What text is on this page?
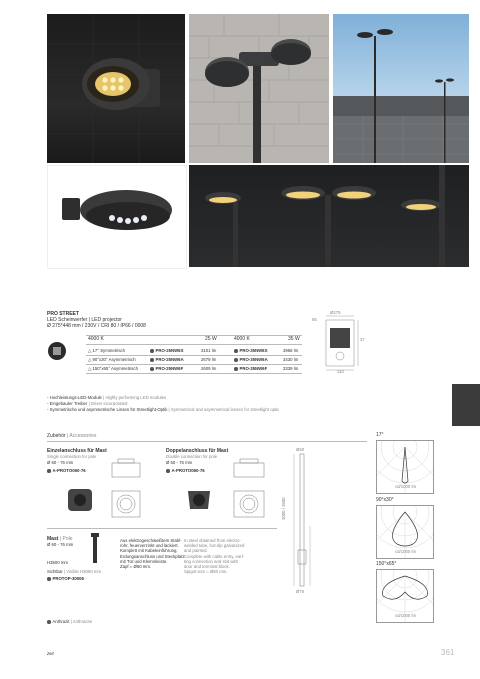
PRO STREET
LED Scheinwerfer | LED projector
Ø 275*448 mm / 230V / CRI 80 / IP66 / 0008
Ø275
65
37
110
4000 K	25 W	4000 K	35 W
△ 17° Symmetrisch	PRO-25NW6S	3101 lm	PRO-35NW6S	3958 lm
△ 90°x30° Asymmetrisch	PRO-25NW6A	2679 lm	PRO-35NW6A	3430 lm
△ 150°x65° Asymmetrisch	PRO-25NW6F	2609 lm	PRO-35NW6F	3339 lm
- Hochleistungs-LED-Module | Highly performing LED modules
- Eingebauter Treiber | Driver incorporated
- Symmetrische und asymmetrische Linsen für Streetlight-Optik | Symmetrical and asymmetrical lenses for streetlight optic
Zubehör | Accessories
Einzelanschluss für Mast
Single connection for pole
Ø 60 - 76 mm
A-PROTO060-76
Doppelanschluss für Mast
Double connection for pole
Ø 60 - 76 mm
A-PROTO060-76
Mast | Pole
Ø 60 - 76 mm
H3500 mm
Sichtbar | Visible H3000 mm
PROTOP-30006
Aus elektrogeschweißtem Stahl-
rohr, feuerverzinkt und lackiert.
Komplett mit Kabeleinführung,
Erdungsanschluss und Steckplatz
mit Tür und Klemmleiste.
Zapf = Ø60 mm.
In steel obtained from electro-
welded tube, hot-dip galvanized
and painted.
Complete with cable entry, earl-
ting connection and slot with
door and terminal block.
Spigot size = Ø60 mm.
Ø60
3000 / 3500
Ø76
Anthrazit | Anthracite
17°
cd/1000 lm
90°x30°
cd/1000 lm
150°x65°
cd/1000 lm
zeit	361
